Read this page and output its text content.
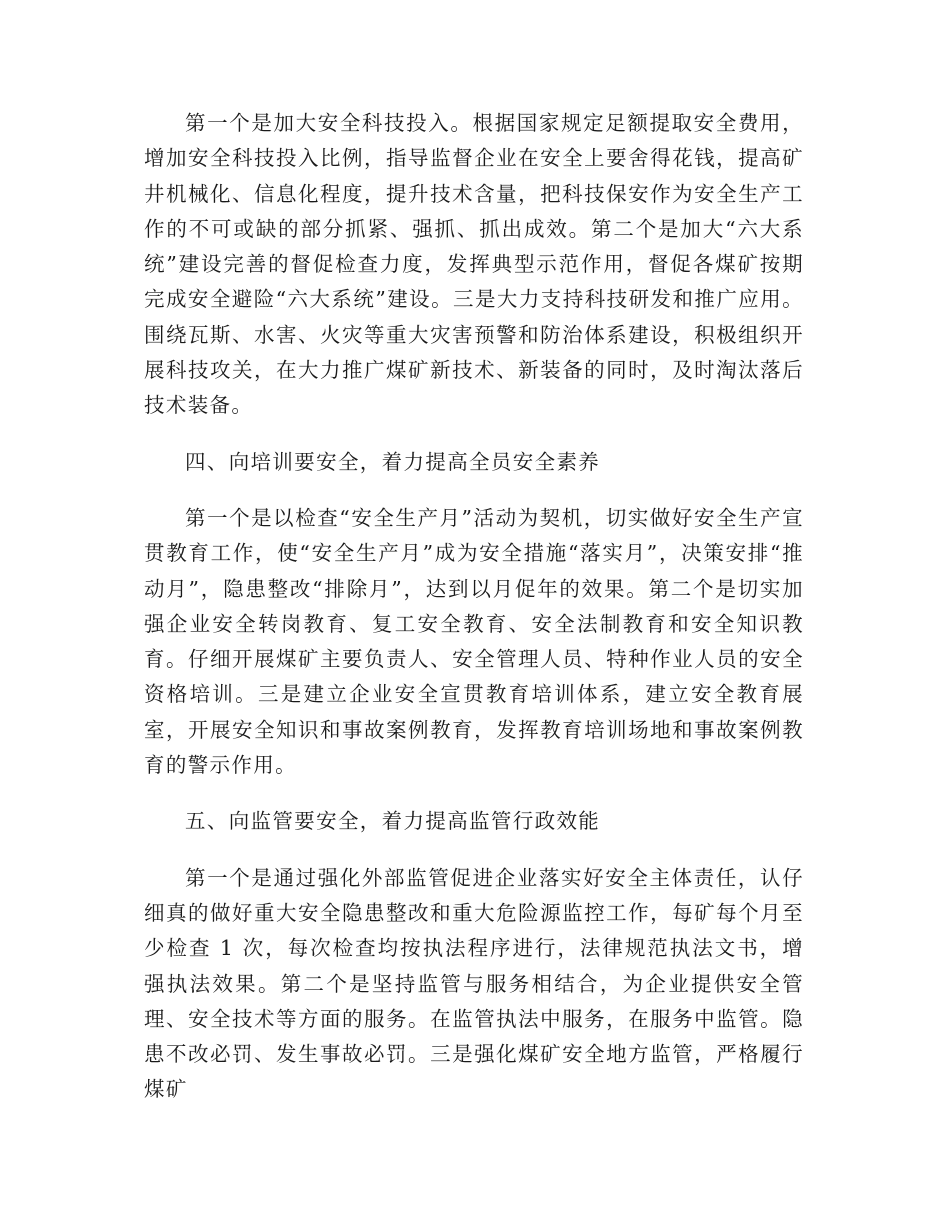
第一个是加大安全科技投入。根据国家规定足额提取安全费用，增加安全科技投入比例，指导监督企业在安全上要舍得花钱，提高矿井机械化、信息化程度，提升技术含量，把科技保安作为安全生产工作的不可或缺的部分抓紧、强抓、抓出成效。第二个是加大“六大系统”建设完善的督促检查力度，发挥典型示范作用，督促各煤矿按期完成安全避险“六大系统”建设。三是大力支持科技研发和推广应用。围绕瓦斯、水害、火灾等重大灾害预警和防治体系建设，积极组织开展科技攻关，在大力推广煤矿新技术、新装备的同时，及时淘汰落后技术装备。

四、向培训要安全，着力提高全员安全素养

第一个是以检查“安全生产月”活动为契机，切实做好安全生产宣贯教育工作，使“安全生产月”成为安全措施“落实月”，决策安排“推动月”，隐患整改“排除月”，达到以月促年的效果。第二个是切实加强企业安全转岗教育、复工安全教育、安全法制教育和安全知识教育。仔细开展煤矿主要负责人、安全管理人员、特种作业人员的安全资格培训。三是建立企业安全宣贯教育培训体系，建立安全教育展室，开展安全知识和事故案例教育，发挥教育培训场地和事故案例教育的警示作用。

五、向监管要安全，着力提高监管行政效能

第一个是通过强化外部监管促进企业落实好安全主体责任，认仔细真的做好重大安全隐患整改和重大危险源监控工作，每矿每个月至少检查 1 次，每次检查均按执法程序进行，法律规范执法文书，增强执法效果。第二个是坚持监管与服务相结合，为企业提供安全管理、安全技术等方面的服务。在监管执法中服务，在服务中监管。隐患不改必罚、发生事故必罚。三是强化煤矿安全地方监管，严格履行煤矿
